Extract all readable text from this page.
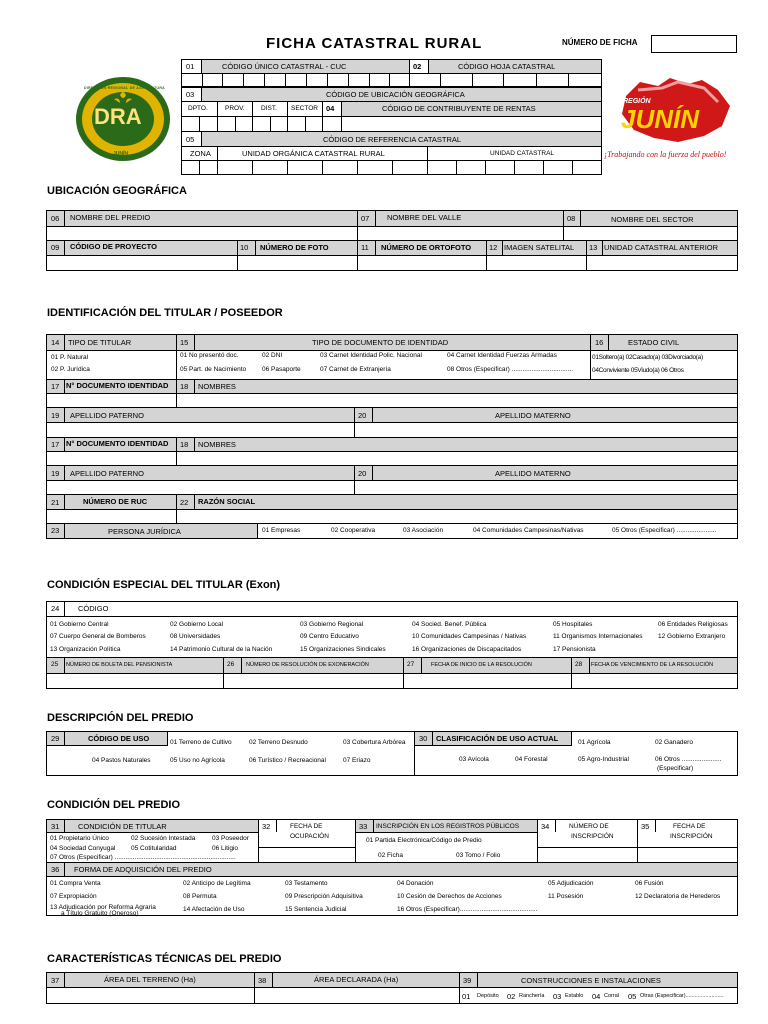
FICHA CATASTRAL RURAL	NÚMERO DE FICHA
DRA
DIRECCIÓN REGIONAL DE AGRICULTURA
JUNÍN
REGIÓN
JUNÍN
¡Trabajando con la fuerza del pueblo!
01	CÓDIGO ÚNICO CATASTRAL - CUC	02	CÓDIGO HOJA CATASTRAL
03	CÓDIGO DE UBICACIÓN GEOGRÁFICA
DPTO.	PROV.	DIST. SECTOR 04	CÓDIGO DE CONTRIBUYENTE DE RENTAS
05	CÓDIGO DE REFERENCIA CATASTRAL
ZONA	UNIDAD ORGÁNICA CATASTRAL RURAL	UNIDAD CATASTRAL
UBICACIÓN GEOGRÁFICA
06 NOMBRE DEL PREDIO	07 NOMBRE DEL VALLE	08	NOMBRE DEL SECTOR
09 CÓDIGO DE PROYECTO	10 NÚMERO DE FOTO	11 NÚMERO DE ORTOFOTO 12 IMAGEN SATELITAL 13 UNIDAD CATASTRAL ANTERIOR
IDENTIFICACIÓN DEL TITULAR / POSEEDOR
14 TIPO DE TITULAR	15	TIPO DE DOCUMENTO DE IDENTIDAD	16	ESTADO CIVIL
01 P. Natural
02 P. Jurídica
01 No presentó doc.	02 DNI	03 Carnet Identidad Polic. Nacional	04 Carnet Identidad Fuerzas Armadas
05 Part. de Nacimiento 06 Pasaporte	07 Carnet de Extranjería	08 Otros (Especificar) ..................................
01Soltero(a) 02Casado(a) 03Divorciado(a)
04Conviviente 05Viudo(a) 06 Otros
17 N° DOCUMENTO IDENTIDAD 18 NOMBRES
19 APELLIDO PATERNO	20	APELLIDO MATERNO
17 N° DOCUMENTO IDENTIDAD 18 NOMBRES
19 APELLIDO PATERNO	20	APELLIDO MATERNO
21	NÚMERO DE RUC	22 RAZÓN SOCIAL
23	PERSONA JURÍDICA	01 Empresas	02 Cooperativa	03 Asociación	04 Comunidades Campesinas/Nativas	05 Otros (Especificar) ......................
CONDICIÓN ESPECIAL DEL TITULAR (Exon)
24 CÓDIGO
01 Gobierno Central	02 Gobierno Local	03 Gobierno Regional	04 Socied. Benef. Pública	05 Hospitales	06 Entidades Religiosas
07 Cuerpo General de Bomberos	08 Universidades	09 Centro Educativo	10 Comunidades Campesinas / Nativas	11 Organismos Internacionales 12 Gobierno Extranjero
13 Organización Política	14 Patrimonio Cultural de la Nación	15 Organizaciones Sindicales	16 Organizaciones de Discapacitados	17 Pensionista
25 NÚMERO DE BOLETA DEL PENSIONISTA	26 NÚMERO DE RESOLUCIÓN DE EXONERACIÓN	27	FECHA DE INICIO DE LA RESOLUCIÓN	28 FECHA DE VENCIMIENTO DE LA RESOLUCIÓN
DESCRIPCIÓN DEL PREDIO
29	CÓDIGO DE USO	01 Terreno de Cultivo	02 Terreno Desnudo	03 Cobertura Arbórea
04 Pastos Naturales	05 Uso no Agrícola	06 Turístico / Recreacional	07 Eriazo
30 CLASIFICACIÓN DE USO ACTUAL	01 Agrícola	02 Ganadero
03 Avícola	04 Forestal	05 Agro-Industrial	06 Otros ......................
(Especificar)
CONDICIÓN DEL PREDIO
31 CONDICIÓN DE TITULAR
01 Propietario Único	02 Sucesión Intestada	03 Poseedor
04 Sociedad Conyugal 05 Cotitularidad	06 Litigio
07 Otros (Especificar) ...................................................................
32	FECHA DE
OCUPACIÓN
33 INSCRIPCIÓN EN LOS REGISTROS PÚBLICOS
01 Partida Electrónica/Código de Predio
02 Ficha	03 Tomo / Folio
34	NÚMERO DE
INSCRIPCIÓN
35	FECHA DE
INSCRIPCIÓN
36 FORMA DE ADQUISICIÓN DEL PREDIO
01 Compra Venta	02 Anticipo de Legítima	03 Testamento	04 Donación	05 Adjudicación	06 Fusión
07 Expropiación	08 Permuta	09 Prescripción Adquisitiva	10 Cesión de Derechos de Acciones	11 Posesión	12 Declaratoria de Herederos
13 Adjudicación por Reforma Agraria
a Título Gratuito (Oneroso)
14 Afectación de Uso	15 Sentencia Judicial	16 Otros (Especificar)...........................................
CARACTERÍSTICAS TÉCNICAS DEL PREDIO
37	ÁREA DEL TERRENO (Ha)	38	ÁREA DECLARADA (Ha)	39	CONSTRUCCIONES E INSTALACIONES
01 Depósito 02 Ranchería 03 Establo 04 Corral 05 Otras (Especificar).........................
